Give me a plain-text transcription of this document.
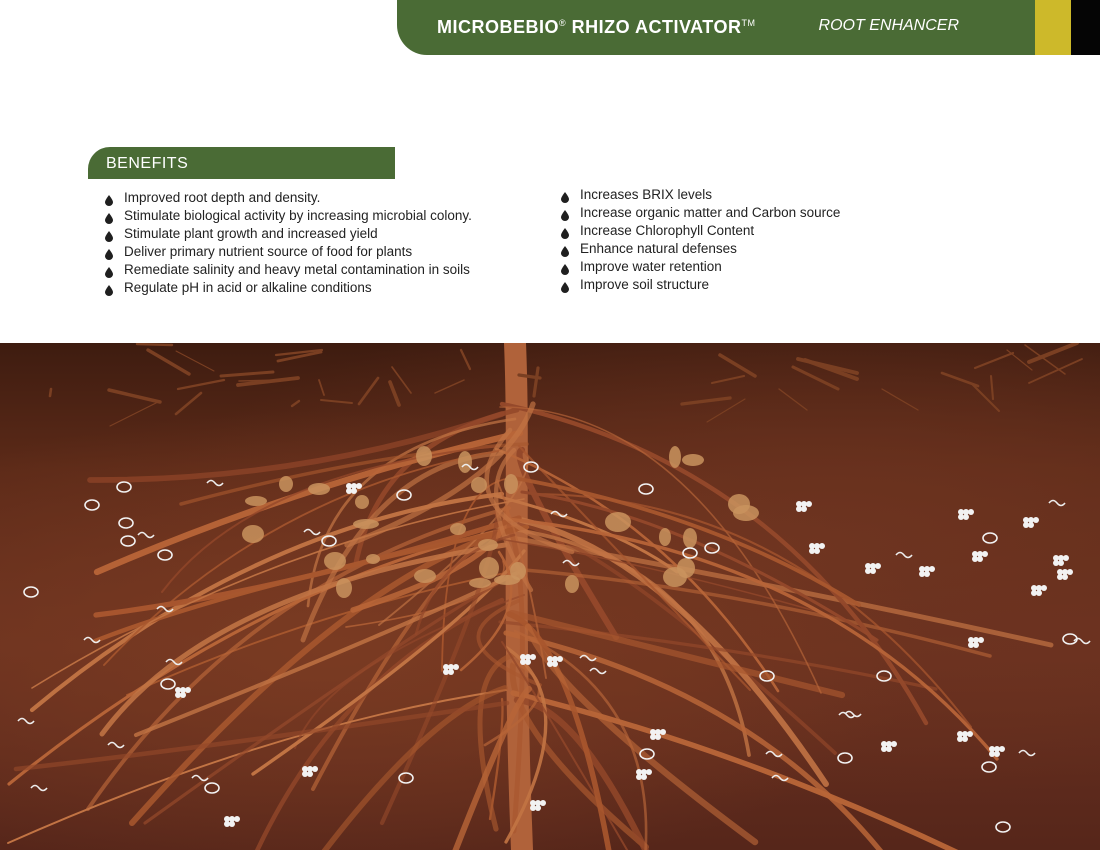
MICROBEBIO® RHIZO ACTIVATOR™	ROOT ENHANCER
BENEFITS
Improved root depth and density.
Stimulate biological activity by increasing microbial colony.
Stimulate plant growth and increased yield
Deliver primary nutrient source of food for plants
Remediate salinity and heavy metal contamination in soils
Regulate pH in acid or alkaline conditions
Increases BRIX levels
Increase organic matter and Carbon source
Increase Chlorophyll Content
Enhance natural defenses
Improve water retention
Improve soil structure
